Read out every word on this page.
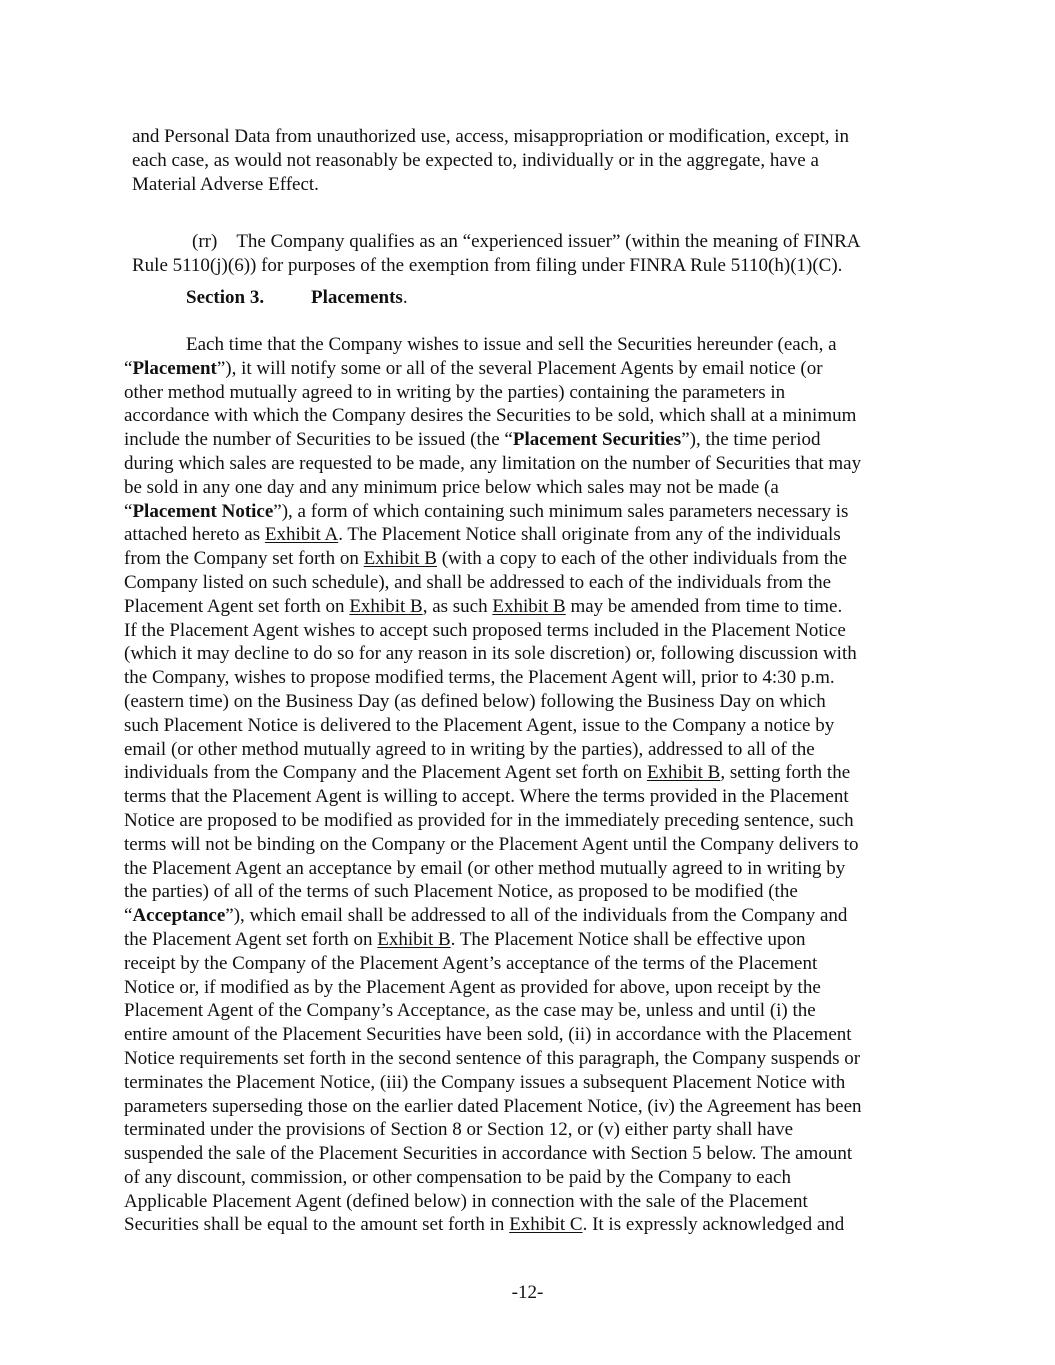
and Personal Data from unauthorized use, access, misappropriation or modification, except, in
each case, as would not reasonably be expected to, individually or in the aggregate, have a
Material Adverse Effect.
(rr) The Company qualifies as an “experienced issuer” (within the meaning of FINRA
Rule 5110(j)(6)) for purposes of the exemption from filing under FINRA Rule 5110(h)(1)(C).
Section 3. Placements.
Each time that the Company wishes to issue and sell the Securities hereunder (each, a
“Placement”), it will notify some or all of the several Placement Agents by email notice (or
other method mutually agreed to in writing by the parties) containing the parameters in
accordance with which the Company desires the Securities to be sold, which shall at a minimum
include the number of Securities to be issued (the “Placement Securities”), the time period
during which sales are requested to be made, any limitation on the number of Securities that may
be sold in any one day and any minimum price below which sales may not be made (a
“Placement Notice”), a form of which containing such minimum sales parameters necessary is
attached hereto as Exhibit A. The Placement Notice shall originate from any of the individuals
from the Company set forth on Exhibit B (with a copy to each of the other individuals from the
Company listed on such schedule), and shall be addressed to each of the individuals from the
Placement Agent set forth on Exhibit B, as such Exhibit B may be amended from time to time.
If the Placement Agent wishes to accept such proposed terms included in the Placement Notice
(which it may decline to do so for any reason in its sole discretion) or, following discussion with
the Company, wishes to propose modified terms, the Placement Agent will, prior to 4:30 p.m.
(eastern time) on the Business Day (as defined below) following the Business Day on which
such Placement Notice is delivered to the Placement Agent, issue to the Company a notice by
email (or other method mutually agreed to in writing by the parties), addressed to all of the
individuals from the Company and the Placement Agent set forth on Exhibit B, setting forth the
terms that the Placement Agent is willing to accept. Where the terms provided in the Placement
Notice are proposed to be modified as provided for in the immediately preceding sentence, such
terms will not be binding on the Company or the Placement Agent until the Company delivers to
the Placement Agent an acceptance by email (or other method mutually agreed to in writing by
the parties) of all of the terms of such Placement Notice, as proposed to be modified (the
“Acceptance”), which email shall be addressed to all of the individuals from the Company and
the Placement Agent set forth on Exhibit B. The Placement Notice shall be effective upon
receipt by the Company of the Placement Agent’s acceptance of the terms of the Placement
Notice or, if modified as by the Placement Agent as provided for above, upon receipt by the
Placement Agent of the Company’s Acceptance, as the case may be, unless and until (i) the
entire amount of the Placement Securities have been sold, (ii) in accordance with the Placement
Notice requirements set forth in the second sentence of this paragraph, the Company suspends or
terminates the Placement Notice, (iii) the Company issues a subsequent Placement Notice with
parameters superseding those on the earlier dated Placement Notice, (iv) the Agreement has been
terminated under the provisions of Section 8 or Section 12, or (v) either party shall have
suspended the sale of the Placement Securities in accordance with Section 5 below. The amount
of any discount, commission, or other compensation to be paid by the Company to each
Applicable Placement Agent (defined below) in connection with the sale of the Placement
Securities shall be equal to the amount set forth in Exhibit C. It is expressly acknowledged and
-12-
